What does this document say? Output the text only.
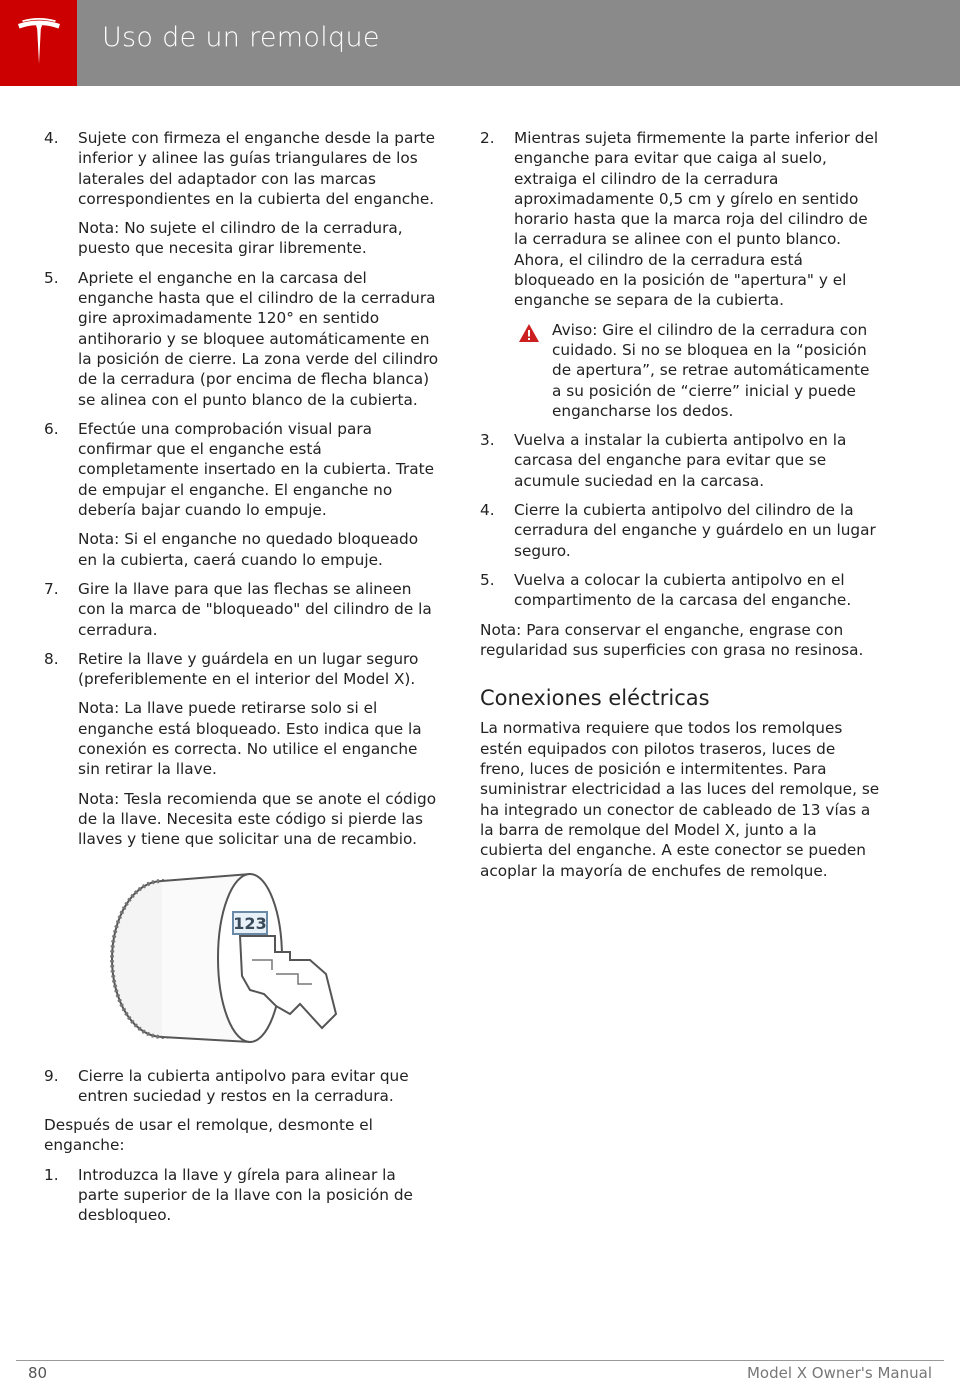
Uso de un remolque
4. Sujete con firmeza el enganche desde la parte inferior y alinee las guías triangulares de los laterales del adaptador con las marcas correspondientes en la cubierta del enganche.
Nota: No sujete el cilindro de la cerradura, puesto que necesita girar libremente.
5. Apriete el enganche en la carcasa del enganche hasta que el cilindro de la cerradura gire aproximadamente 120° en sentido antihorario y se bloquee automáticamente en la posición de cierre. La zona verde del cilindro de la cerradura (por encima de flecha blanca) se alinea con el punto blanco de la cubierta.
6. Efectúe una comprobación visual para confirmar que el enganche está completamente insertado en la cubierta. Trate de empujar el enganche. El enganche no debería bajar cuando lo empuje.
Nota: Si el enganche no quedado bloqueado en la cubierta, caerá cuando lo empuje.
7. Gire la llave para que las flechas se alineen con la marca de "bloqueado" del cilindro de la cerradura.
8. Retire la llave y guárdela en un lugar seguro (preferiblemente en el interior del Model X).
Nota: La llave puede retirarse solo si el enganche está bloqueado. Esto indica que la conexión es correcta. No utilice el enganche sin retirar la llave.
Nota: Tesla recomienda que se anote el código de la llave. Necesita este código si pierde las llaves y tiene que solicitar una de recambio.
123
9. Cierre la cubierta antipolvo para evitar que entren suciedad y restos en la cerradura.
Después de usar el remolque, desmonte el enganche:
1. Introduzca la llave y gírela para alinear la parte superior de la llave con la posición de desbloqueo.
2. Mientras sujeta firmemente la parte inferior del enganche para evitar que caiga al suelo, extraiga el cilindro de la cerradura aproximadamente 0,5 cm y gírelo en sentido horario hasta que la marca roja del cilindro de la cerradura se alinee con el punto blanco. Ahora, el cilindro de la cerradura está bloqueado en la posición de "apertura" y el enganche se separa de la cubierta.
Aviso: Gire el cilindro de la cerradura con cuidado. Si no se bloquea en la “posición de apertura”, se retrae automáticamente a su posición de “cierre” inicial y puede engancharse los dedos.
3. Vuelva a instalar la cubierta antipolvo en la carcasa del enganche para evitar que se acumule suciedad en la carcasa.
4. Cierre la cubierta antipolvo del cilindro de la cerradura del enganche y guárdelo en un lugar seguro.
5. Vuelva a colocar la cubierta antipolvo en el compartimento de la carcasa del enganche.
Nota: Para conservar el enganche, engrase con regularidad sus superficies con grasa no resinosa.
Conexiones eléctricas
La normativa requiere que todos los remolques estén equipados con pilotos traseros, luces de freno, luces de posición e intermitentes. Para suministrar electricidad a las luces del remolque, se ha integrado un conector de cableado de 13 vías a la barra de remolque del Model X, junto a la cubierta del enganche. A este conector se pueden acoplar la mayoría de enchufes de remolque.
80	Model X Owner's Manual
